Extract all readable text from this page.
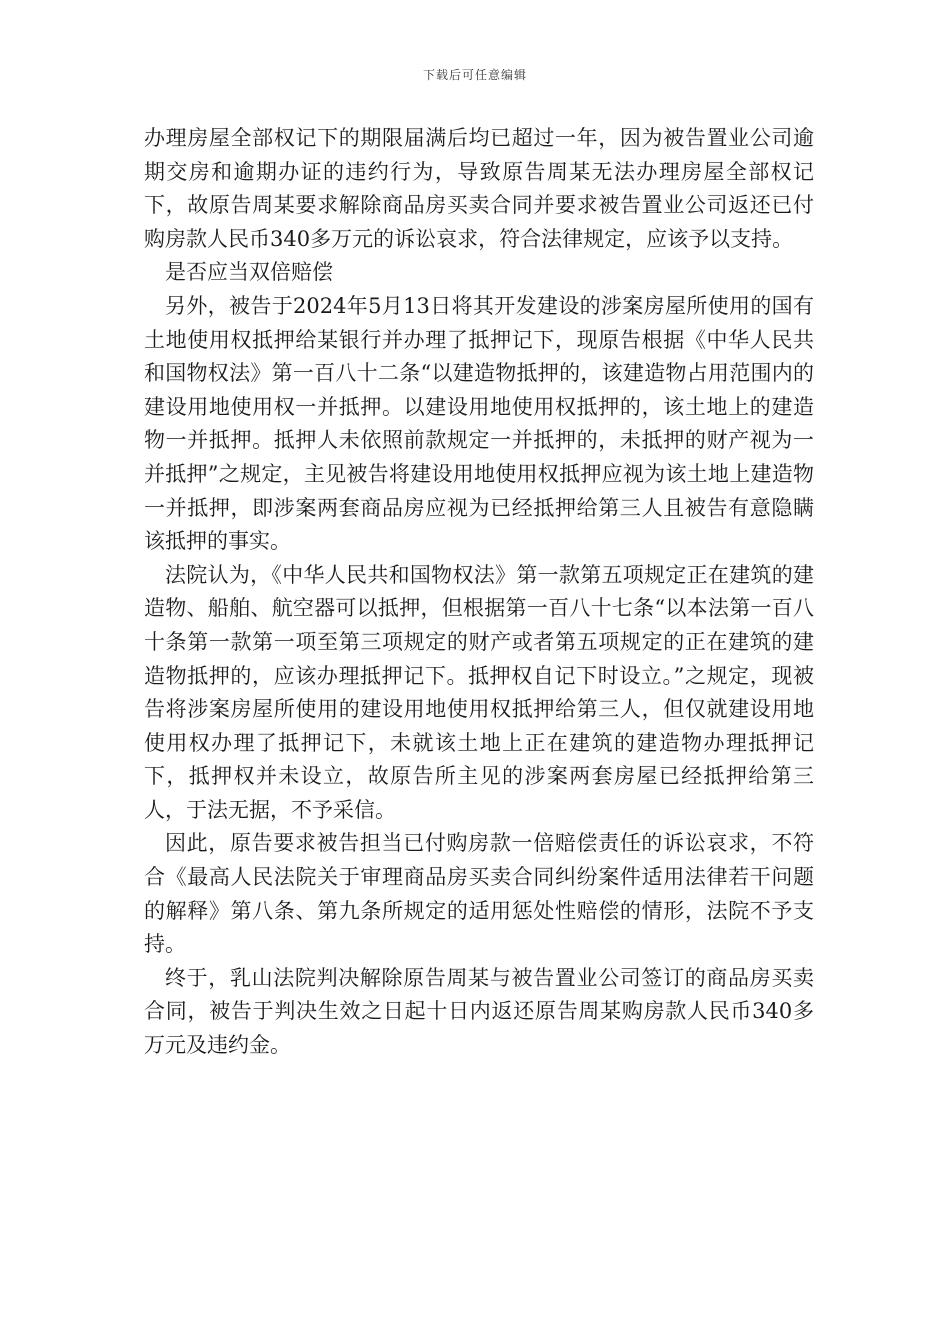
下载后可任意编辑

办理房屋全部权记下的期限届满后均已超过一年，因为被告置业公司逾期交房和逾期办证的违约行为，导致原告周某无法办理房屋全部权记下，故原告周某要求解除商品房买卖合同并要求被告置业公司返还已付购房款人民币340多万元的诉讼哀求，符合法律规定，应该予以支持。

是否应当双倍赔偿

另外，被告于2024年5月13日将其开发建设的涉案房屋所使用的国有土地使用权抵押给某银行并办理了抵押记下，现原告根据《中华人民共和国物权法》第一百八十二条“以建造物抵押的，该建造物占用范围内的建设用地使用权一并抵押。以建设用地使用权抵押的，该土地上的建造物一并抵押。抵押人未依照前款规定一并抵押的，未抵押的财产视为一并抵押”之规定，主见被告将建设用地使用权抵押应视为该土地上建造物一并抵押，即涉案两套商品房应视为已经抵押给第三人且被告有意隐瞒该抵押的事实。

法院认为，《中华人民共和国物权法》第一款第五项规定正在建筑的建造物、船舶、航空器可以抵押，但根据第一百八十七条“以本法第一百八十条第一款第一项至第三项规定的财产或者第五项规定的正在建筑的建造物抵押的，应该办理抵押记下。抵押权自记下时设立。”之规定，现被告将涉案房屋所使用的建设用地使用权抵押给第三人，但仅就建设用地使用权办理了抵押记下，未就该土地上正在建筑的建造物办理抵押记下，抵押权并未设立，故原告所主见的涉案两套房屋已经抵押给第三人，于法无据，不予采信。

因此，原告要求被告担当已付购房款一倍赔偿责任的诉讼哀求，不符合《最高人民法院关于审理商品房买卖合同纠纷案件适用法律若干问题的解释》第八条、第九条所规定的适用惩处性赔偿的情形，法院不予支持。

终于，乳山法院判决解除原告周某与被告置业公司签订的商品房买卖合同，被告于判决生效之日起十日内返还原告周某购房款人民币340多万元及违约金。
